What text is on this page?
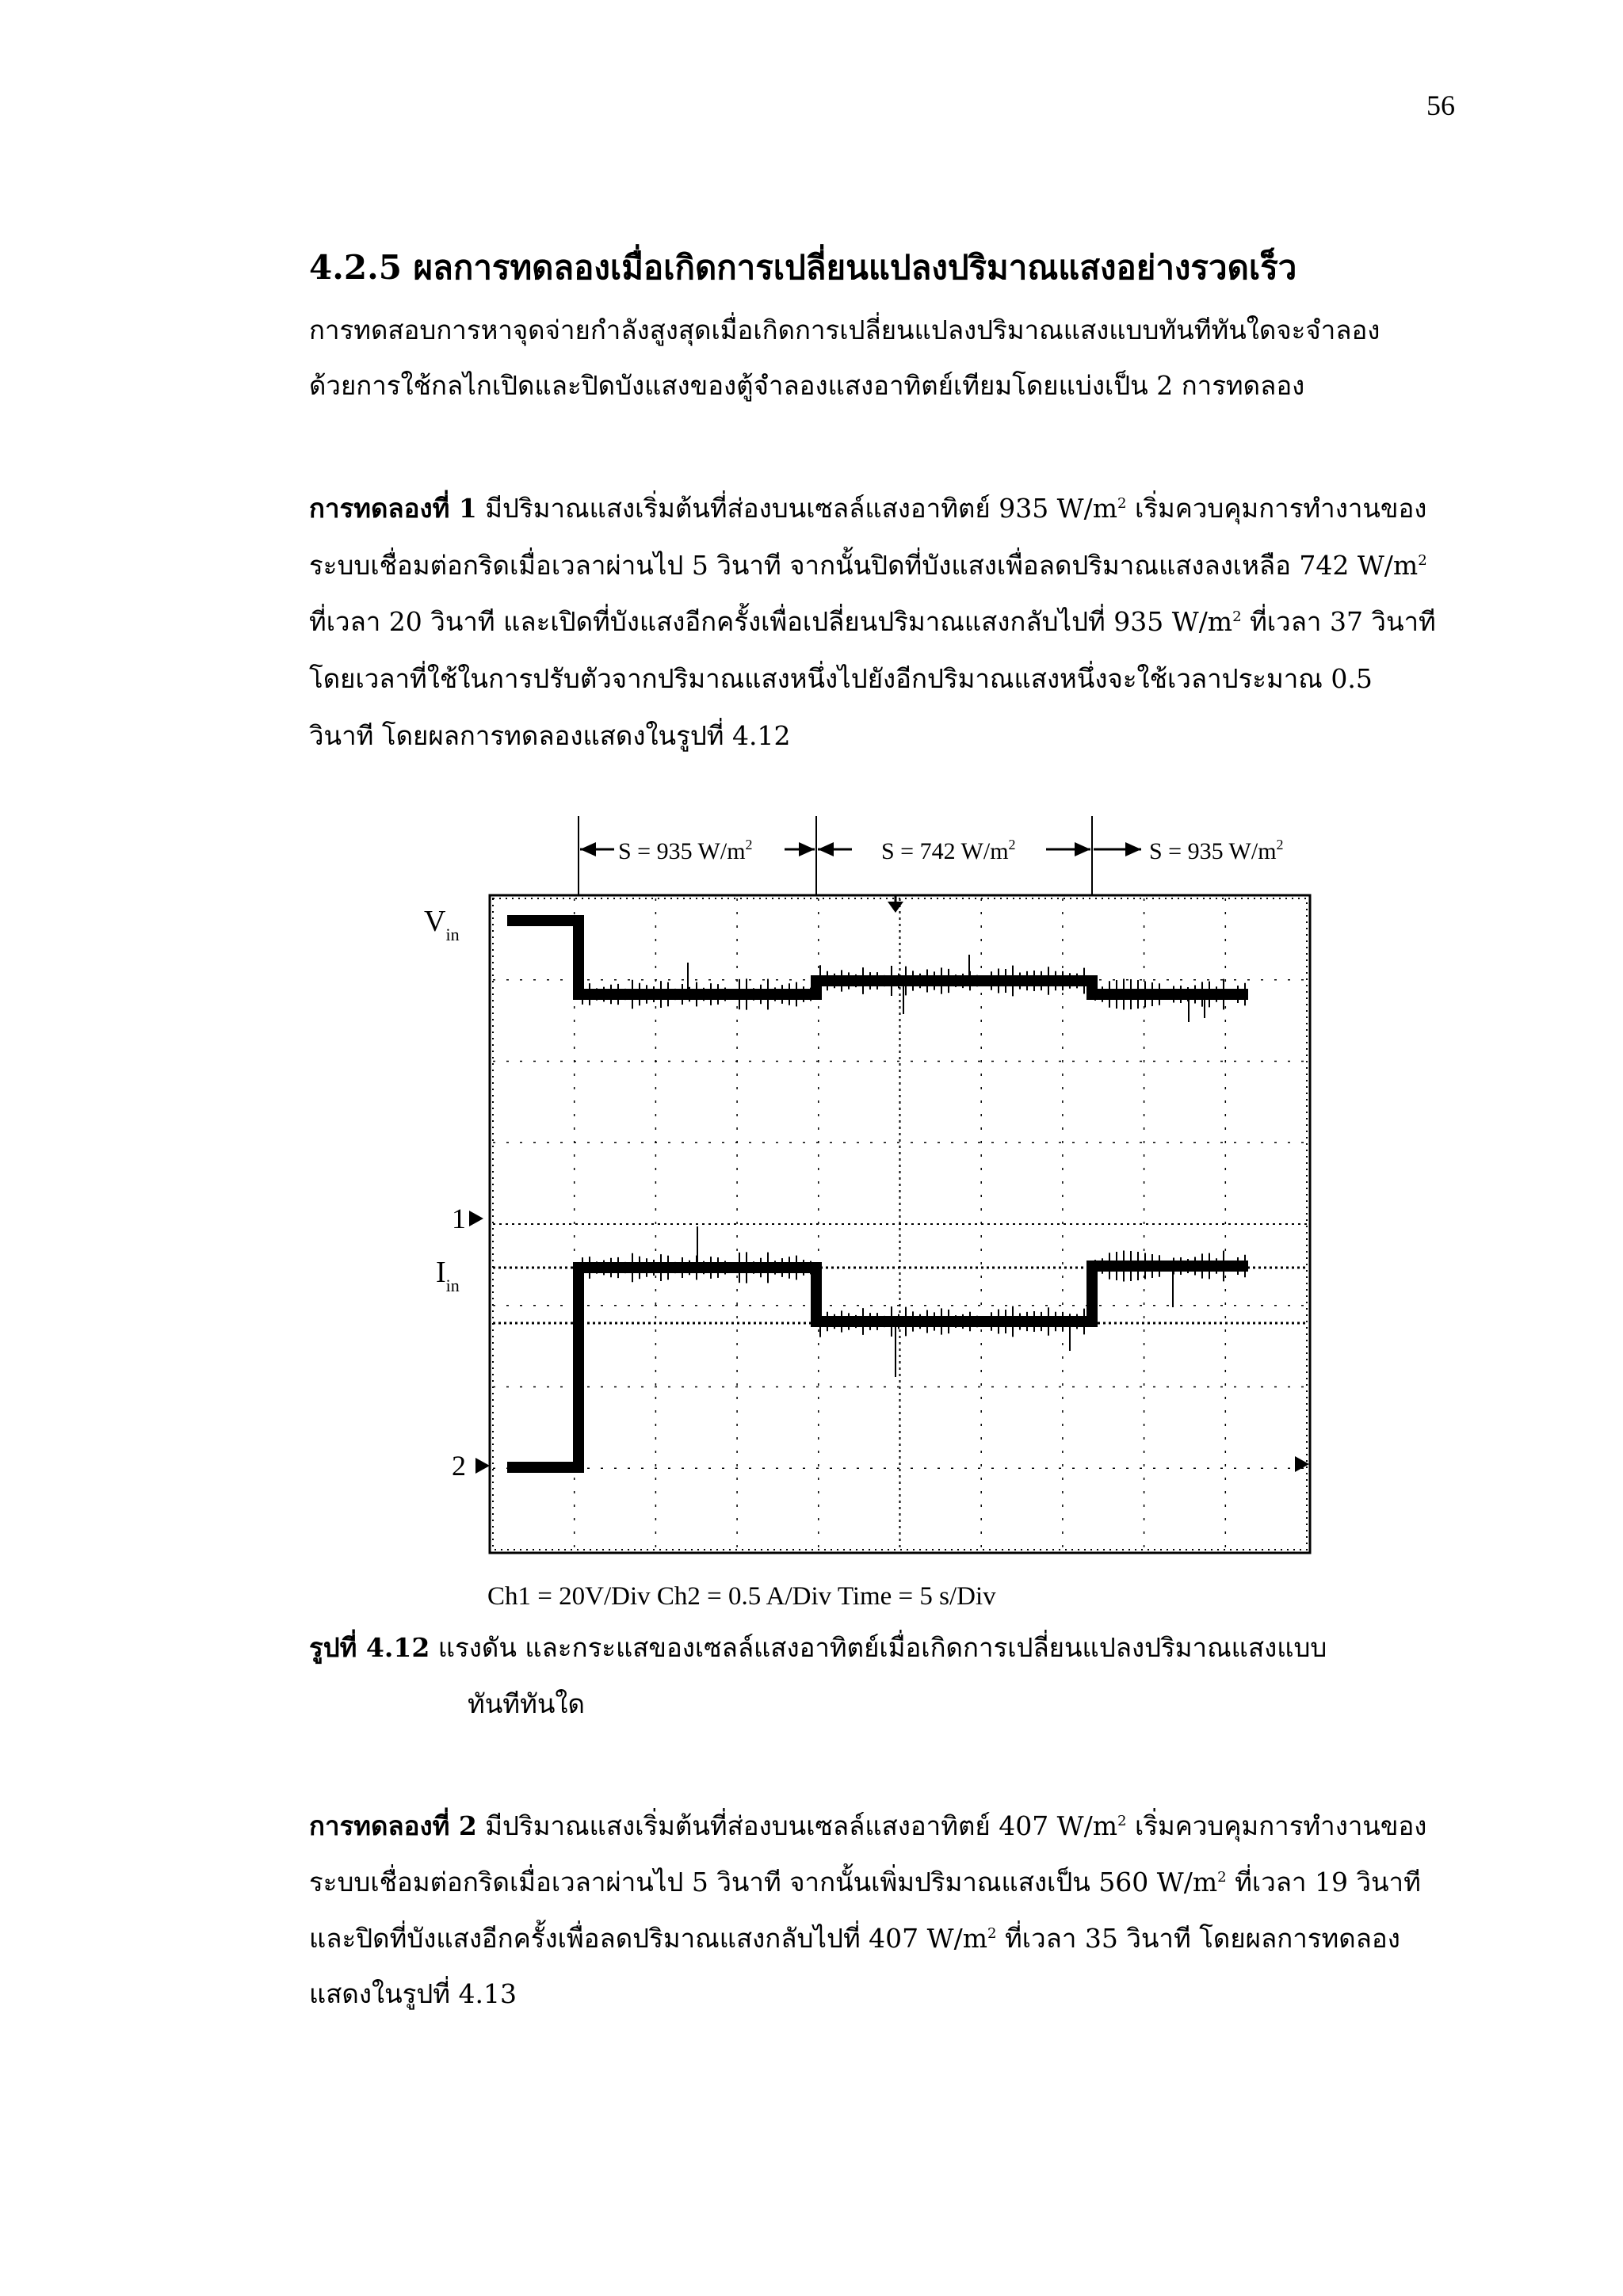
56
4.2.5 ผลการทดลองเมื่อเกิดการเปลี่ยนแปลงปริมาณแสงอย่างรวดเร็ว
การทดสอบการหาจุดจ่ายกำลังสูงสุดเมื่อเกิดการเปลี่ยนแปลงปริมาณแสงแบบทันทีทันใดจะจำลอง
ด้วยการใช้กลไกเปิดและปิดบังแสงของตู้จำลองแสงอาทิตย์เทียมโดยแบ่งเป็น 2 การทดลอง
การทดลองที่ 1 มีปริมาณแสงเริ่มต้นที่ส่องบนเซลล์แสงอาทิตย์ 935 $W/m^2$ เริ่มควบคุมการทำงานของ
ระบบเชื่อมต่อกริดเมื่อเวลาผ่านไป 5 วินาที จากนั้นปิดที่บังแสงเพื่อลดปริมาณแสงลงเหลือ 742 $W/m^2$
ที่เวลา 20 วินาที และเปิดที่บังแสงอีกครั้งเพื่อเปลี่ยนปริมาณแสงกลับไปที่ 935 $W/m^2$ ที่เวลา 37 วินาที
โดยเวลาที่ใช้ในการปรับตัวจากปริมาณแสงหนึ่งไปยังอีกปริมาณแสงหนึ่งจะใช้เวลาประมาณ 0.5
วินาที โดยผลการทดลองแสดงในรูปที่ 4.12
S = 935 $W/m^2$	S = 742 $W/m^2$	S = 935 $W/m^2$
$V_{in}$
$I_{in}$
1
2
Ch1 = 20V/Div Ch2 = 0.5 A/Div Time = 5 s/Div
รูปที่ 4.12 แรงดัน และกระแสของเซลล์แสงอาทิตย์เมื่อเกิดการเปลี่ยนแปลงปริมาณแสงแบบ
ทันทีทันใด
การทดลองที่ 2 มีปริมาณแสงเริ่มต้นที่ส่องบนเซลล์แสงอาทิตย์ 407 $W/m^2$ เริ่มควบคุมการทำงานของ
ระบบเชื่อมต่อกริดเมื่อเวลาผ่านไป 5 วินาที จากนั้นเพิ่มปริมาณแสงเป็น 560 $W/m^2$ ที่เวลา 19 วินาที
และปิดที่บังแสงอีกครั้งเพื่อลดปริมาณแสงกลับไปที่ 407 $W/m^2$ ที่เวลา 35 วินาที โดยผลการทดลอง
แสดงในรูปที่ 4.13
